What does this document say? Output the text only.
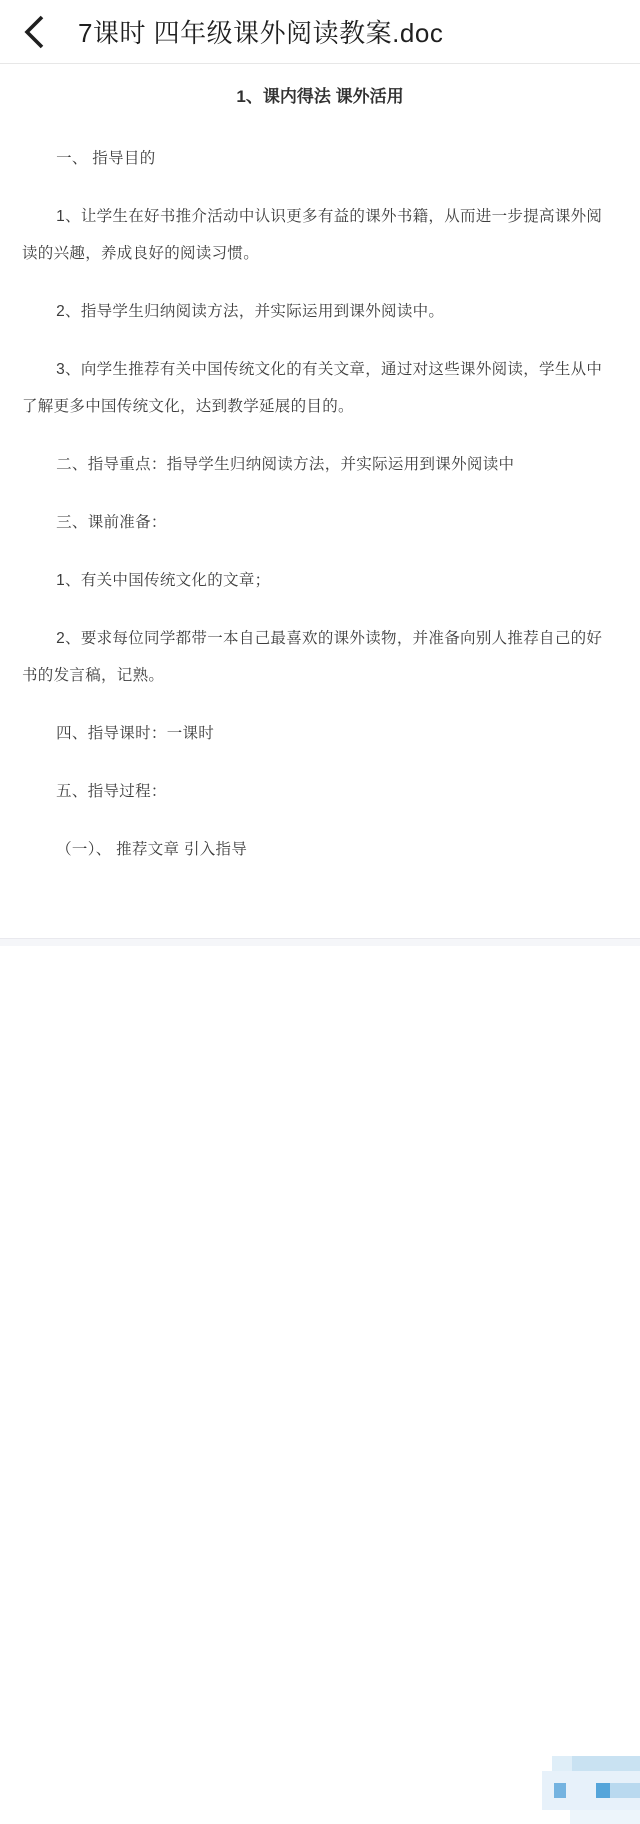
7课时 四年级课外阅读教案.doc
1、课内得法 课外活用

一、 指导目的

1、让学生在好书推介活动中认识更多有益的课外书籍，从而进一步提高课外阅读的兴趣，养成良好的阅读习惯。

2、指导学生归纳阅读方法，并实际运用到课外阅读中。

3、向学生推荐有关中国传统文化的有关文章，通过对这些课外阅读，学生从中了解更多中国传统文化，达到教学延展的目的。

二、指导重点：指导学生归纳阅读方法，并实际运用到课外阅读中

三、课前准备：

1、有关中国传统文化的文章；

2、要求每位同学都带一本自己最喜欢的课外读物，并准备向别人推荐自己的好书的发言稿，记熟。

四、指导课时：一课时

五、指导过程：

（一）、 推荐文章 引入指导
